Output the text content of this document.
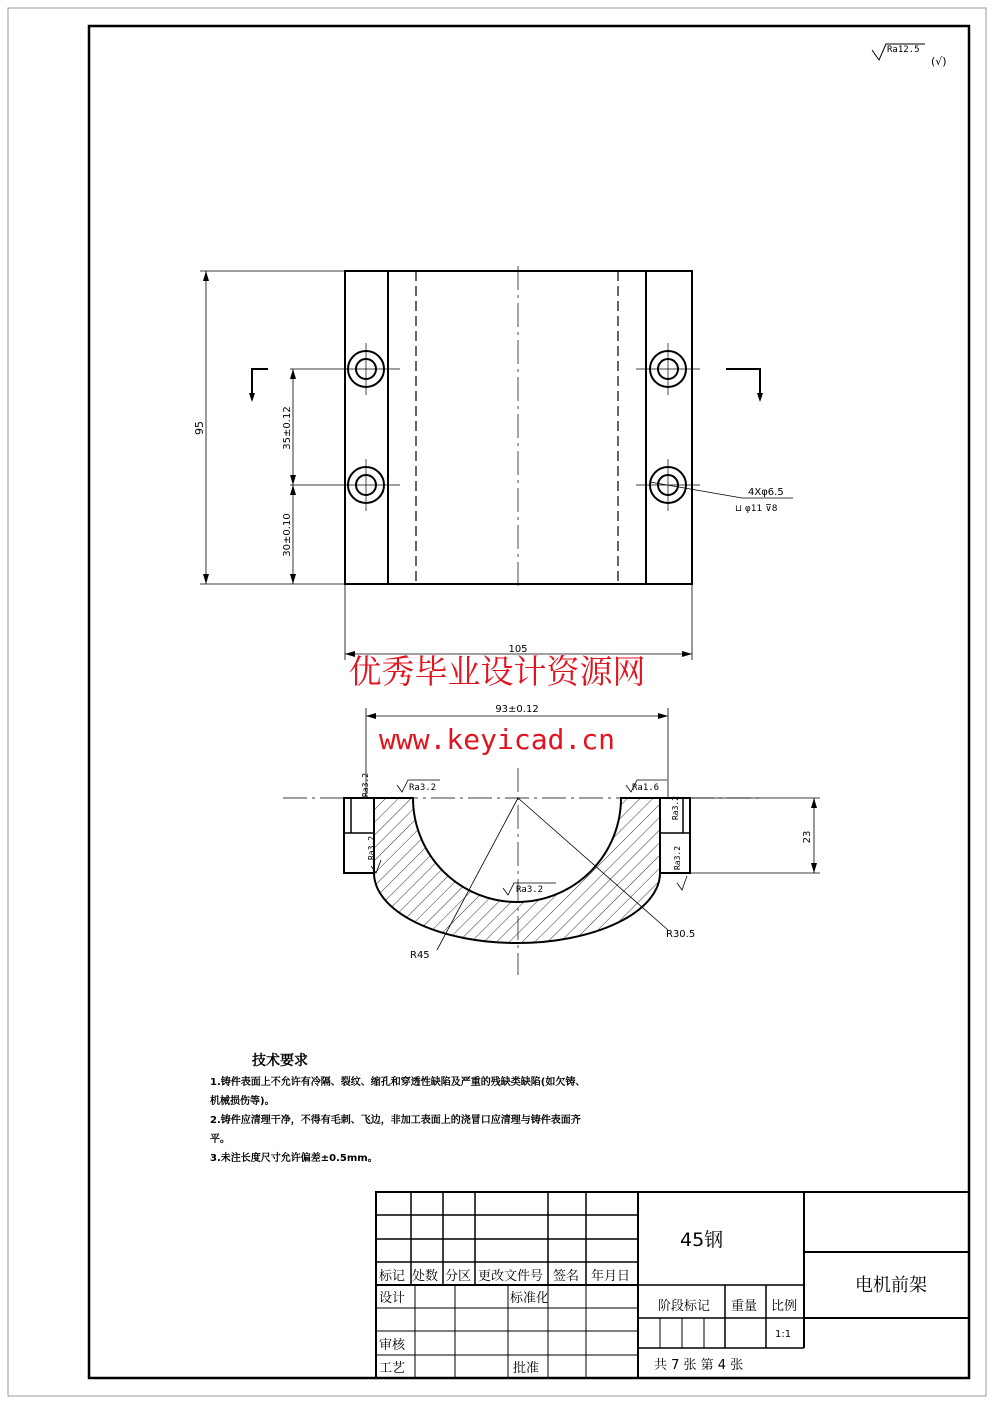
Ra12.5
(√)
95	35±0.12
30±0.10
105
4Xφ6.5
⊔ φ11 ⊽8
优秀毕业设计资源网
www.keyicad.cn
93±0.12
23
R45
R30.5
Ra3.2	Ra1.6
Ra3.2
Ra3.2
Ra3.2
Ra3.2
Ra3.2
标记 处数 分区 更改文件号 签名 年月日
设计	标准化
审核
工艺	批准
阶段标记 重量 比例
1:1
共 7 张 第 4 张
45钢
电机前架
技术要求
1.铸件表面上不允许有冷隔、裂纹、缩孔和穿透性缺陷及严重的残缺类缺陷(如欠铸、机械损伤等)。
2.铸件应清理干净，不得有毛刺、飞边，非加工表面上的浇冒口应清理与铸件表面齐平。
3.未注长度尺寸允许偏差±0.5mm。
